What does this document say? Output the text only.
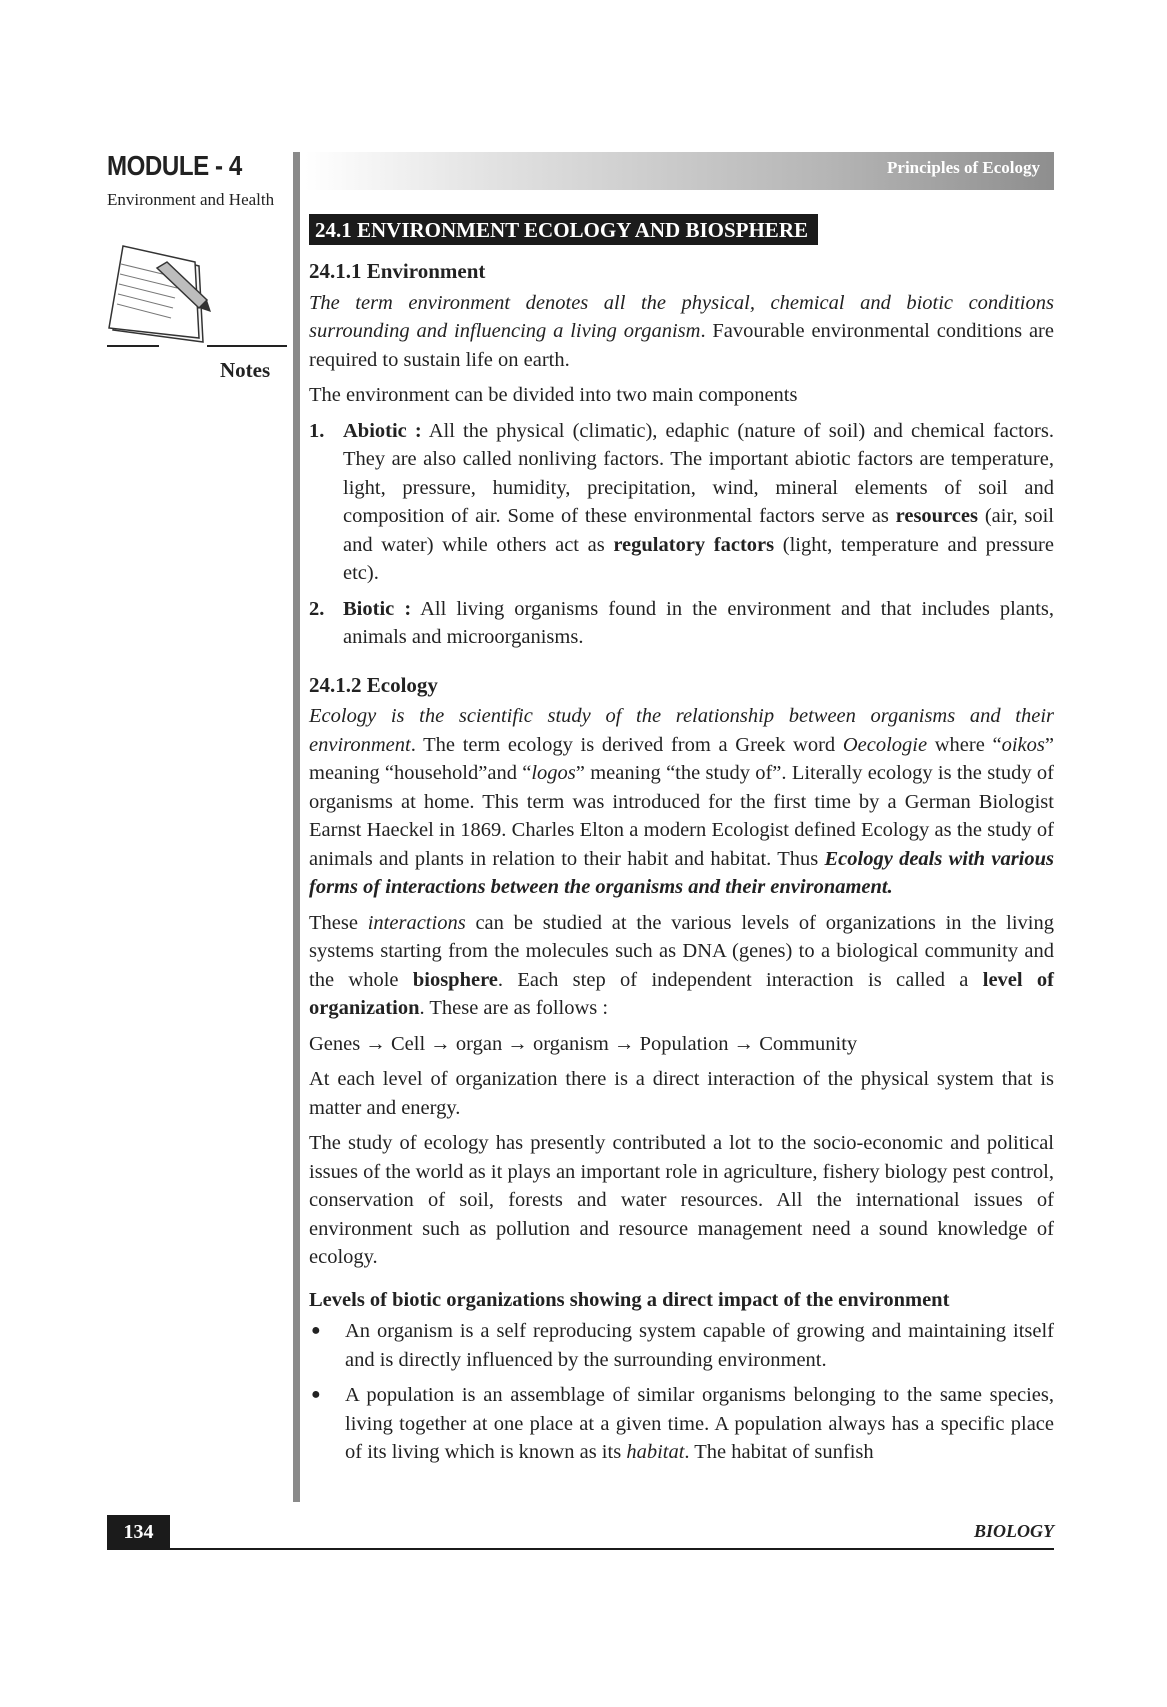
MODULE - 4
Environment and Health
Notes
Principles of Ecology
24.1 ENVIRONMENT ECOLOGY AND BIOSPHERE
24.1.1 Environment

The term environment denotes all the physical, chemical and biotic conditions surrounding and influencing a living organism. Favourable environmental conditions are required to sustain life on earth.

The environment can be divided into two main components

1. Abiotic : All the physical (climatic), edaphic (nature of soil) and chemical factors. They are also called nonliving factors. The important abiotic factors are temperature, light, pressure, humidity, precipitation, wind, mineral elements of soil and composition of air. Some of these environmental factors serve as resources (air, soil and water) while others act as regulatory factors (light, temperature and pressure etc).
2. Biotic : All living organisms found in the environment and that includes plants, animals and microorganisms.
24.1.2 Ecology

Ecology is the scientific study of the relationship between organisms and their environment. The term ecology is derived from a Greek word Oecologie where “oikos” meaning “household”and “logos” meaning “the study of”. Literally ecology is the study of organisms at home. This term was introduced for the first time by a German Biologist Earnst Haeckel in 1869. Charles Elton a modern Ecologist defined Ecology as the study of animals and plants in relation to their habit and habitat. Thus Ecology deals with various forms of interactions between the organisms and their environament.

These interactions can be studied at the various levels of organizations in the living systems starting from the molecules such as DNA (genes) to a biological community and the whole biosphere. Each step of independent interaction is called a level of organization. These are as follows :

Genes → Cell → organ → organism → Population → Community

At each level of organization there is a direct interaction of the physical system that is matter and energy.

The study of ecology has presently contributed a lot to the socio-economic and political issues of the world as it plays an important role in agriculture, fishery biology pest control, conservation of soil, forests and water resources. All the international issues of environment such as pollution and resource management need a sound knowledge of ecology.

Levels of biotic organizations showing a direct impact of the environment
●	An organism is a self reproducing system capable of growing and maintaining itself and is directly influenced by the surrounding environment.
●	A population is an assemblage of similar organisms belonging to the same species, living together at one place at a given time. A population always has a specific place of its living which is known as its habitat. The habitat of sunfish
134	BIOLOGY
